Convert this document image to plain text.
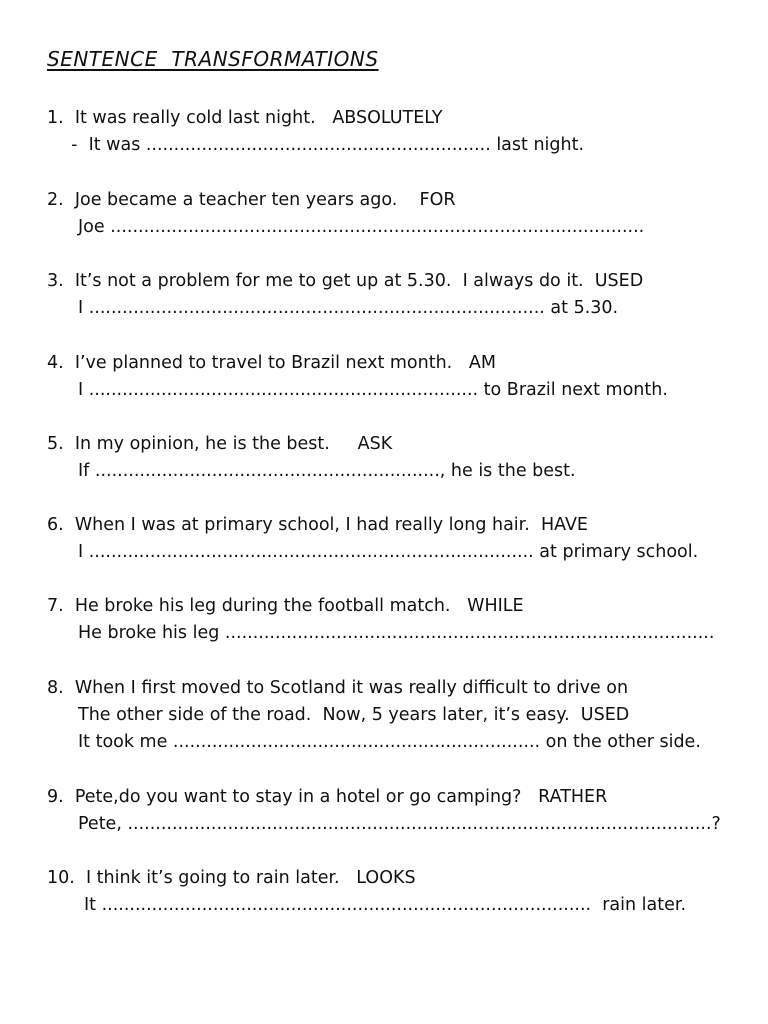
SENTENCE  TRANSFORMATIONS
1.  It was really cold last night.   ABSOLUTELY
-  It was .............................................................. last night.
2.  Joe became a teacher ten years ago.    FOR
Joe ................................................................................................
3.  It’s not a problem for me to get up at 5.30.  I always do it.  USED
I .................................................................................. at 5.30.
4.  I’ve planned to travel to Brazil next month.   AM
I ...................................................................... to Brazil next month.
5.  In my opinion, he is the best.     ASK
If .............................................................., he is the best.
6.  When I was at primary school, I had really long hair.  HAVE
I ................................................................................ at primary school.
7.  He broke his leg during the football match.   WHILE
He broke his leg ........................................................................................
8.  When I first moved to Scotland it was really difficult to drive on
The other side of the road.  Now, 5 years later, it’s easy.  USED
It took me .................................................................. on the other side.
9.  Pete,do you want to stay in a hotel or go camping?   RATHER
Pete, .........................................................................................................?
10.  I think it’s going to rain later.   LOOKS
It ........................................................................................  rain later.
